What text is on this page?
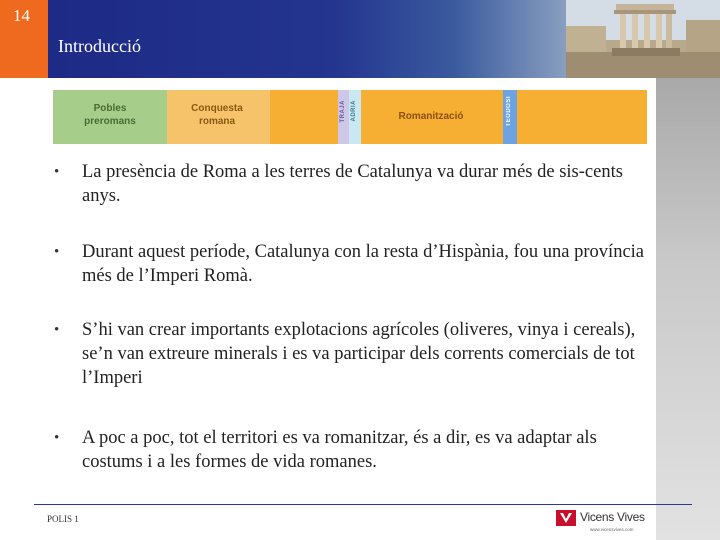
14
Introducció
Pobles preromans
Conquesta romana	TRAJÀ ADRIÀ	Romanització	TEODOSI
• La presència de Roma a les terres de Catalunya va durar més de sis-cents anys.
• Durant aquest període, Catalunya con la resta d’Hispània, fou una província més de l’Imperi Romà.
• S’hi van crear importants explotacions agrícoles (oliveres, vinya i cereals), se’n van extreure minerals i es va participar dels corrents comercials de tot l’Imperi
• A poc a poc, tot el territori es va romanitzar, és a dir, es va adaptar als costums i a les formes de vida romanes.
POLIS 1	Vicens Vives
www.vicensvives.com
